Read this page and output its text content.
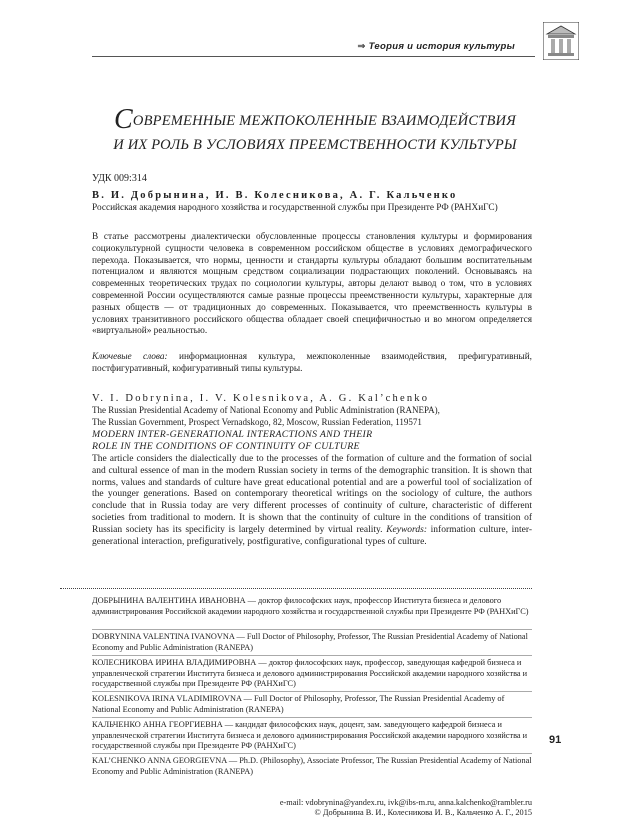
⇒ Теория и история культуры
СОВРЕМЕННЫЕ МЕЖПОКОЛЕННЫЕ ВЗАИМОДЕЙСТВИЯ
И ИХ РОЛЬ В УСЛОВИЯХ ПРЕЕМСТВЕННОСТИ КУЛЬТУРЫ
УДК 009:314
В. И. Добрынина, И. В. Колесникова, А. Г. Кальченко
Российская академия народного хозяйства и государственной службы при Президенте РФ (РАНХиГС)
В статье рассмотрены диалектически обусловленные процессы становления культуры и формирования социокультурной сущности человека в современном российском обществе в условиях демографического перехода. Показывается, что нормы, ценности и стандарты культуры обладают большим воспитательным потенциалом и являются мощным средством социализации подрастающих поколений. Основываясь на современных теоретических трудах по социологии культуры, авторы делают вывод о том, что в условиях современной России осуществляются самые разные процессы преемственности культуры, характерные для разных обществ — от традиционных до современных. Показывается, что преемственность культуры в условиях транзитивного российского общества обладает своей специфичностью и во многом определяется «виртуальной» реальностью.
Ключевые слова: информационная культура, межпоколенные взаимодействия, префигуративный, постфигуративный, кофигуративный типы культуры.
V. I. Dobrynina, I. V. Kolesnikova, A. G. Kal’chenko
The Russian Presidential Academy of National Economy and Public Administration (RANEPA),
The Russian Government, Prospect Vernadskogo, 82, Moscow, Russian Federation, 119571
MODERN INTER-GENERATIONAL INTERACTIONS AND THEIR
ROLE IN THE CONDITIONS OF CONTINUITY OF CULTURE
The article considers the dialectically due to the processes of the formation of culture and the formation of social and cultural essence of man in the modern Russian society in terms of the demographic transition. It is shown that norms, values and standards of culture have great educational potential and are a powerful tool of socialization of the younger generations. Based on contemporary theoretical writings on the sociology of culture, the authors conclude that in Russia today are very different processes of continuity of culture, characteristic of different societies from traditional to modern. It is shown that the continuity of culture in the conditions of transition of Russian society has its specificity is largely determined by virtual reality. Keywords: information culture, inter-generational interaction, prefiguratively, postfigurative, configurational types of culture.
ДОБРЫНИНА ВАЛЕНТИНА ИВАНОВНА — доктор философских наук, профессор Института бизнеса и делового администрирования Российской академии народного хозяйства и государственной службы при Президенте РФ (РАНХиГС)
DOBRYNINA VALENTINA IVANOVNA — Full Doctor of Philosophy, Professor, The Russian Presidential Academy of National Economy and Public Administration (RANEPA)
КОЛЕСНИКОВА ИРИНА ВЛАДИМИРОВНА — доктор философских наук, профессор, заведующая кафедрой бизнеса и управленческой стратегии Института бизнеса и делового администрирования Российской академии народного хозяйства и государственной службы при Президенте РФ (РАНХиГС)
KOLESNIKOVA IRINA VLADIMIROVNA — Full Doctor of Philosophy, Professor, The Russian Presidential Academy of National Economy and Public Administration (RANEPA)
КАЛЬЧЕНКО АННА ГЕОРГИЕВНА — кандидат философских наук, доцент, зам. заведующего кафедрой бизнеса и управленческой стратегии Института бизнеса и делового администрирования Российской академии народного хозяйства и государственной службы при Президенте РФ (РАНХиГС)
KAL’CHENKO ANNA GEORGIEVNA — Ph.D. (Philosophy), Associate Professor, The Russian Presidential Academy of National Economy and Public Administration (RANEPA)
91
e-mail: vdobrynina@yandex.ru, ivk@ibs-m.ru, anna.kalchenko@rambler.ru
© Добрынина В. И., Колесникова И. В., Кальченко А. Г., 2015
